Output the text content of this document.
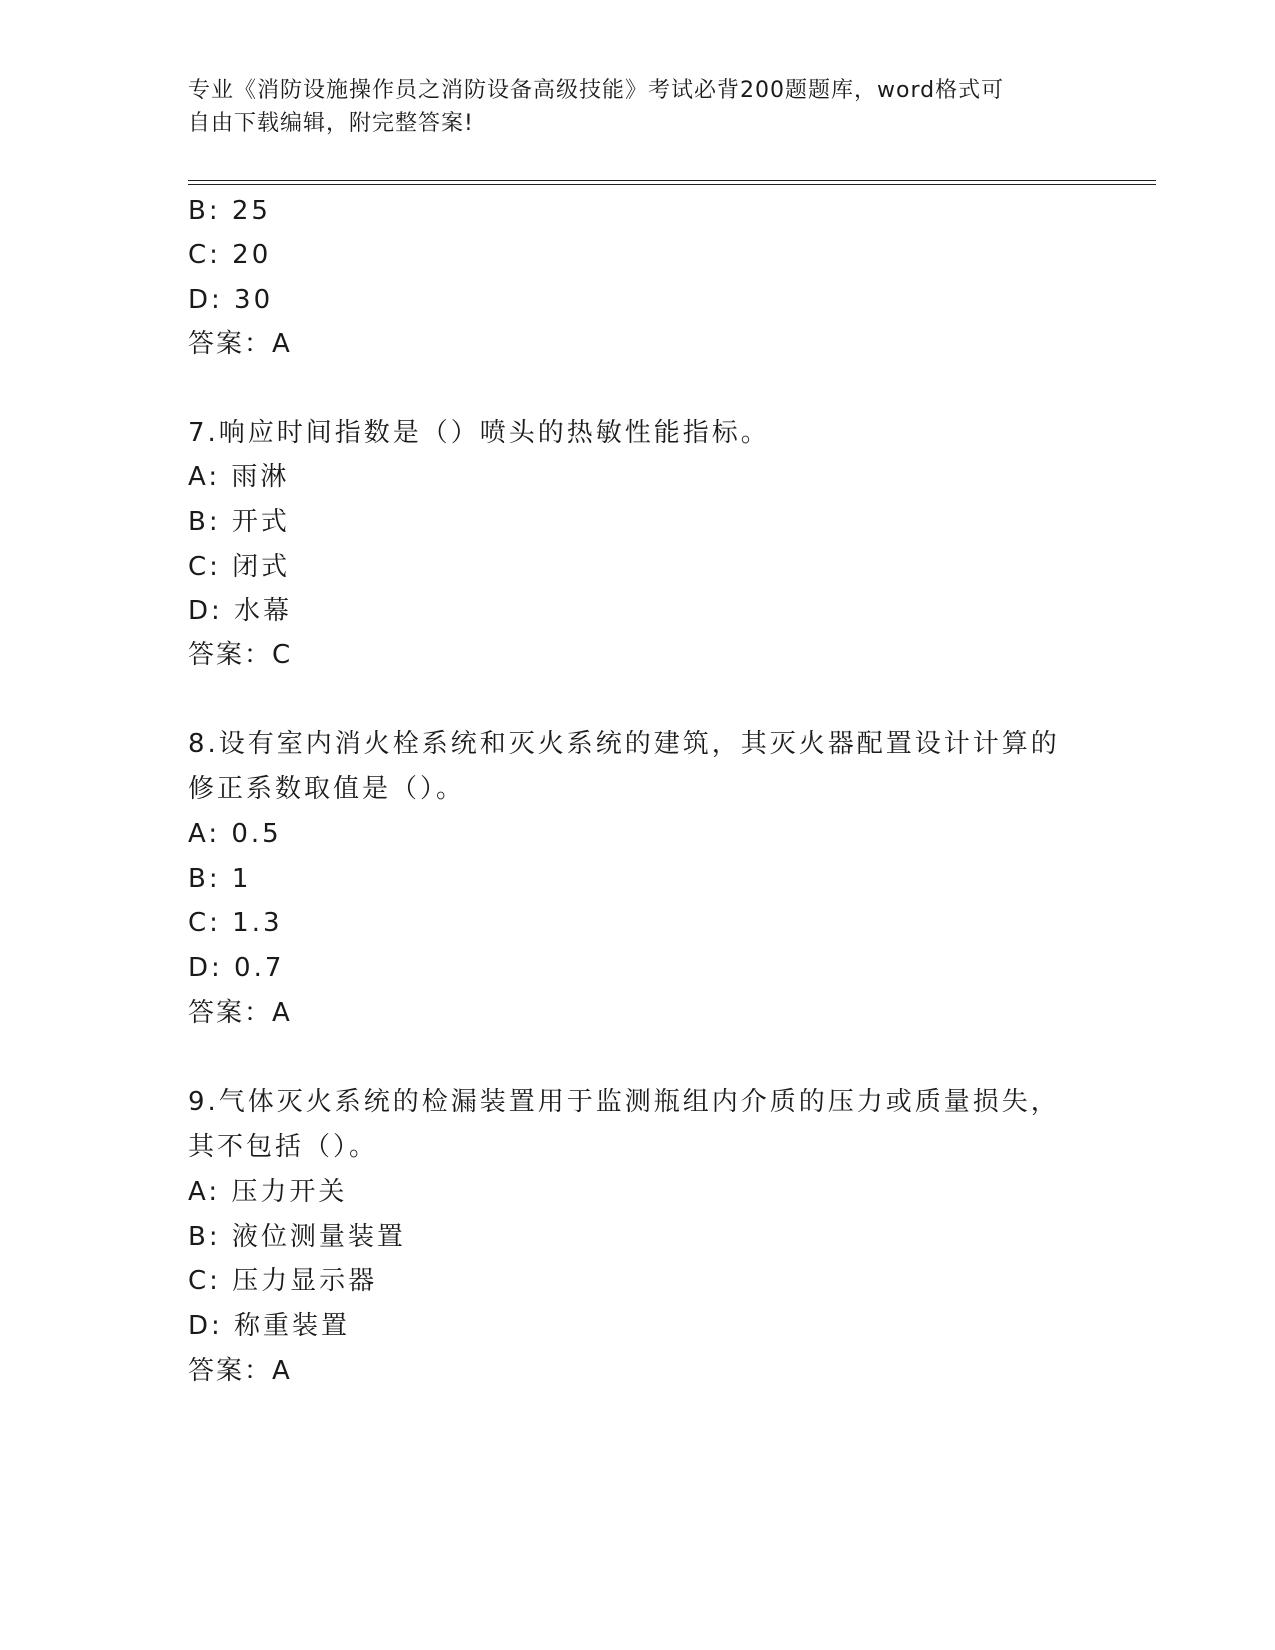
专业《消防设施操作员之消防设备高级技能》考试必背200题题库，word格式可
自由下载编辑，附完整答案!
B: 25
C: 20
D: 30
答案：A
7.响应时间指数是（）喷头的热敏性能指标。
A: 雨淋
B: 开式
C: 闭式
D: 水幕
答案：C
8.设有室内消火栓系统和灭火系统的建筑，其灭火器配置设计计算的
修正系数取值是（）。
A: 0.5
B: 1
C: 1.3
D: 0.7
答案：A
9.气体灭火系统的检漏装置用于监测瓶组内介质的压力或质量损失，
其不包括（）。
A: 压力开关
B: 液位测量装置
C: 压力显示器
D: 称重装置
答案：A
